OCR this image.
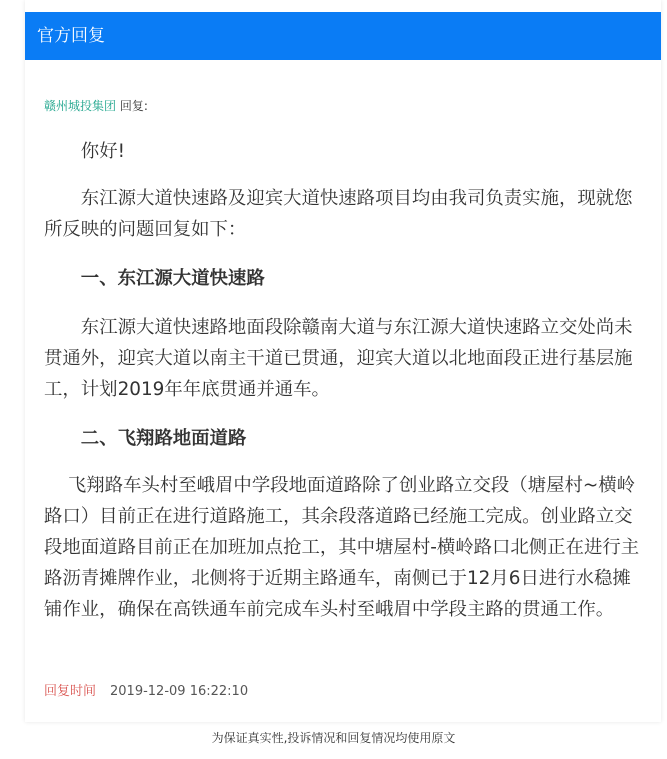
官方回复
赣州城投集团 回复:

你好!

东江源大道快速路及迎宾大道快速路项目均由我司负责实施，现就您所反映的问题回复如下：

一、东江源大道快速路

东江源大道快速路地面段除赣南大道与东江源大道快速路立交处尚未贯通外，迎宾大道以南主干道已贯通，迎宾大道以北地面段正进行基层施工，计划2019年年底贯通并通车。

二、飞翔路地面道路

飞翔路车头村至峨眉中学段地面道路除了创业路立交段（塘屋村~横岭路口）目前正在进行道路施工，其余段落道路已经施工完成。创业路立交段地面道路目前正在加班加点抢工，其中塘屋村-横岭路口北侧正在进行主路沥青摊牌作业，北侧将于近期主路通车，南侧已于12月6日进行水稳摊铺作业，确保在高铁通车前完成车头村至峨眉中学段主路的贯通工作。

回复时间 2019-12-09 16:22:10
为保证真实性,投诉情况和回复情况均使用原文
